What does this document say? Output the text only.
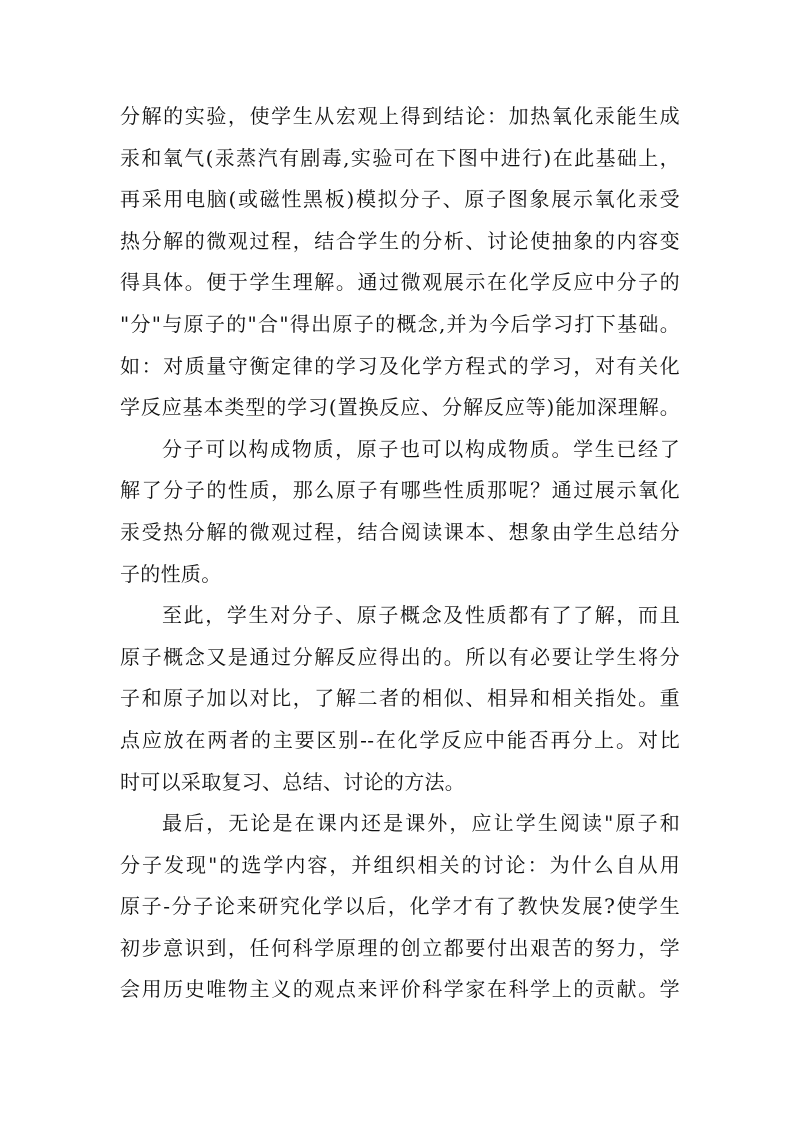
分解的实验，使学生从宏观上得到结论：加热氧化汞能生成
汞和氧气(汞蒸汽有剧毒,实验可在下图中进行)在此基础上，
再采用电脑(或磁性黑板)模拟分子、原子图象展示氧化汞受
热分解的微观过程，结合学生的分析、讨论使抽象的内容变
得具体。便于学生理解。通过微观展示在化学反应中分子的
"分"与原子的"合"得出原子的概念,并为今后学习打下基础。
如：对质量守衡定律的学习及化学方程式的学习，对有关化
学反应基本类型的学习(置换反应、分解反应等)能加深理解。
分子可以构成物质，原子也可以构成物质。学生已经了
解了分子的性质，那么原子有哪些性质那呢？通过展示氧化
汞受热分解的微观过程，结合阅读课本、想象由学生总结分
子的性质。
至此，学生对分子、原子概念及性质都有了了解，而且
原子概念又是通过分解反应得出的。所以有必要让学生将分
子和原子加以对比，了解二者的相似、相异和相关指处。重
点应放在两者的主要区别--在化学反应中能否再分上。对比
时可以采取复习、总结、讨论的方法。
最后，无论是在课内还是课外，应让学生阅读"原子和
分子发现"的选学内容，并组织相关的讨论：为什么自从用
原子-分子论来研究化学以后，化学才有了教快发展?使学生
初步意识到，任何科学原理的创立都要付出艰苦的努力，学
会用历史唯物主义的观点来评价科学家在科学上的贡献。学
